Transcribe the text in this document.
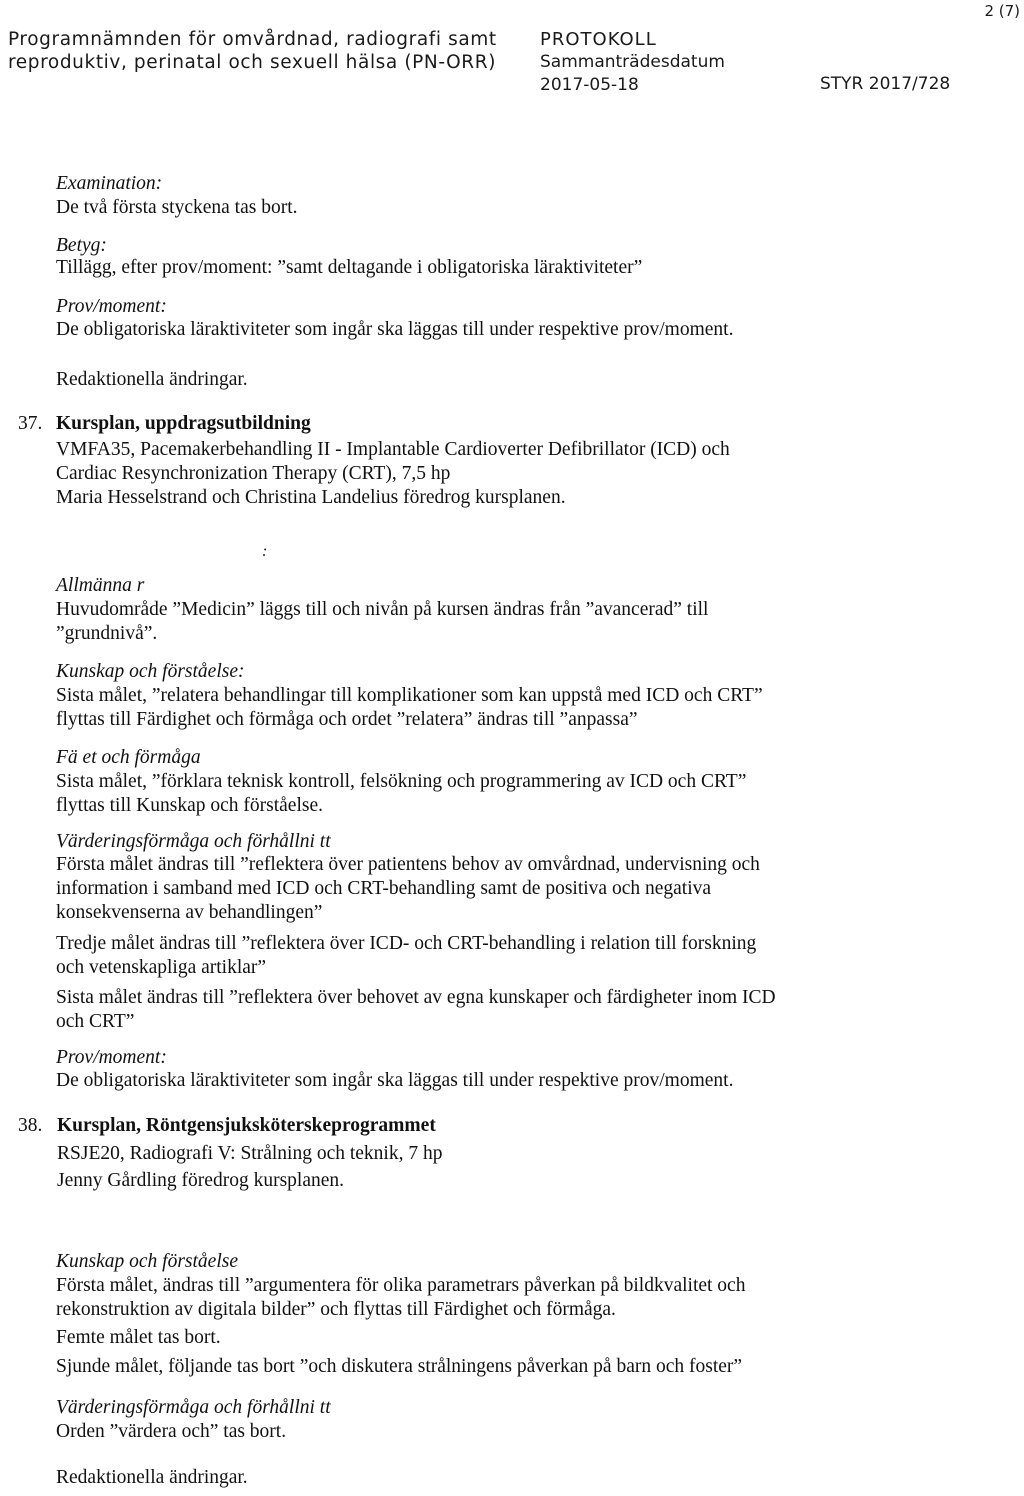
Programnämnden för omvårdnad, radiografi samt
reproduktiv, perinatal och sexuell hälsa (PN-ORR)
PROTOKOLL
Sammanträdesdatum
2017-05-18	STYR 2017/728
2 (7)
Examination:
De två första styckena tas bort.
Betyg:
Tillägg, efter prov/moment: ”samt deltagande i obligatoriska läraktiviteter”
Prov/moment:
De obligatoriska läraktiviteter som ingår ska läggas till under respektive prov/moment.
Redaktionella ändringar.
37. Kursplan, uppdragsutbildning
VMFA35, Pacemakerbehandling II - Implantable Cardioverter Defibrillator (ICD) och
Cardiac Resynchronization Therapy (CRT), 7,5 hp
Maria Hesselstrand och Christina Landelius föredrog kursplanen.
:
Allmänna r
Huvudområde ”Medicin” läggs till och nivån på kursen ändras från ”avancerad” till
”grundnivå”.
Kunskap och förståelse:
Sista målet, ”relatera behandlingar till komplikationer som kan uppstå med ICD och CRT”
flyttas till Färdighet och förmåga och ordet ”relatera” ändras till ”anpassa”
Fä et och förmåga
Sista målet, ”förklara teknisk kontroll, felsökning och programmering av ICD och CRT”
flyttas till Kunskap och förståelse.
Värderingsförmåga och förhållni tt
Första målet ändras till ”reflektera över patientens behov av omvårdnad, undervisning och
information i samband med ICD och CRT-behandling samt de positiva och negativa
konsekvenserna av behandlingen”
Tredje målet ändras till ”reflektera över ICD- och CRT-behandling i relation till forskning
och vetenskapliga artiklar”
Sista målet ändras till ”reflektera över behovet av egna kunskaper och färdigheter inom ICD
och CRT”
Prov/moment:
De obligatoriska läraktiviteter som ingår ska läggas till under respektive prov/moment.
38. Kursplan, Röntgensjuksköterskeprogrammet
RSJE20, Radiografi V: Strålning och teknik, 7 hp
Jenny Gårdling föredrog kursplanen.
Kunskap och förståelse
Första målet, ändras till ”argumentera för olika parametrars påverkan på bildkvalitet och
rekonstruktion av digitala bilder” och flyttas till Färdighet och förmåga.
Femte målet tas bort.
Sjunde målet, följande tas bort ”och diskutera strålningens påverkan på barn och foster”
Värderingsförmåga och förhållni tt
Orden ”värdera och” tas bort.
Redaktionella ändringar.
